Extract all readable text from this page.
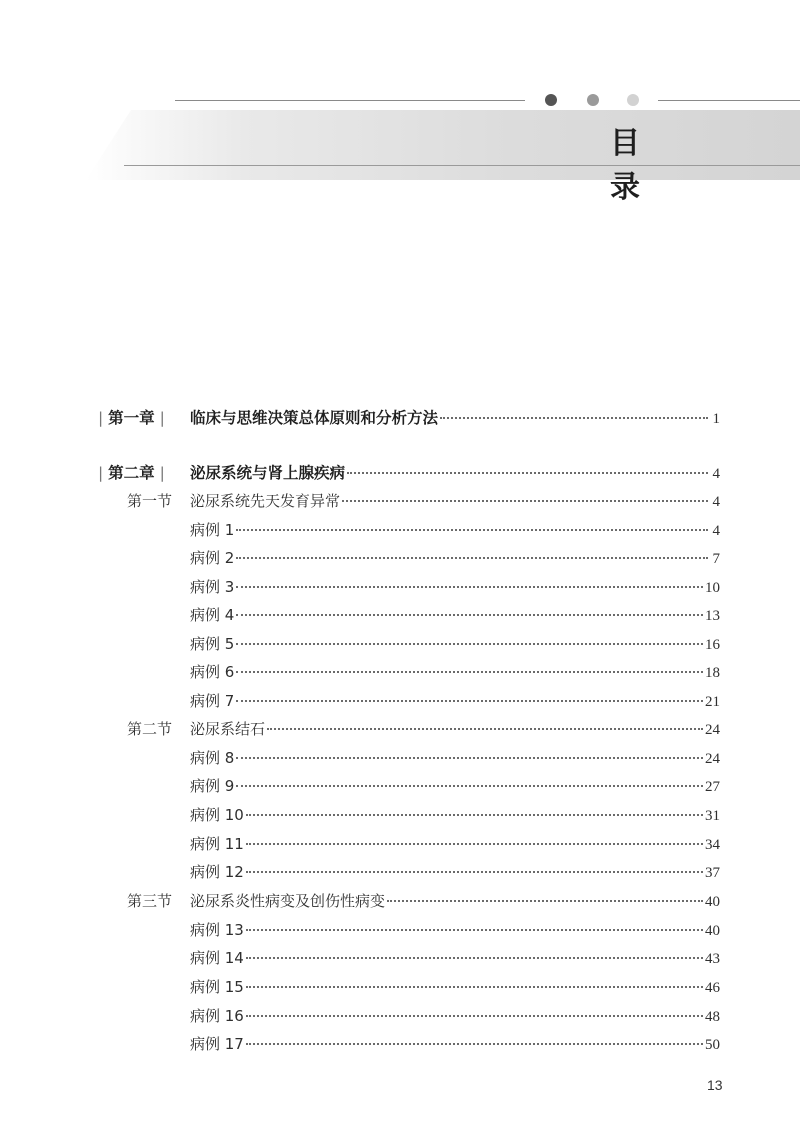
目　录
| 第一章 | 临床与思维决策总体原则和分析方法	1
| 第二章 | 泌尿系统与肾上腺疾病	4
第一节 泌尿系统先天发育异常	4
病例 1	4
病例 2	7
病例 3	10
病例 4	13
病例 5	16
病例 6	18
病例 7	21
第二节 泌尿系结石	24
病例 8	24
病例 9	27
病例 10	31
病例 11	34
病例 12	37
第三节 泌尿系炎性病变及创伤性病变	40
病例 13	40
病例 14	43
病例 15	46
病例 16	48
病例 17	50
13
